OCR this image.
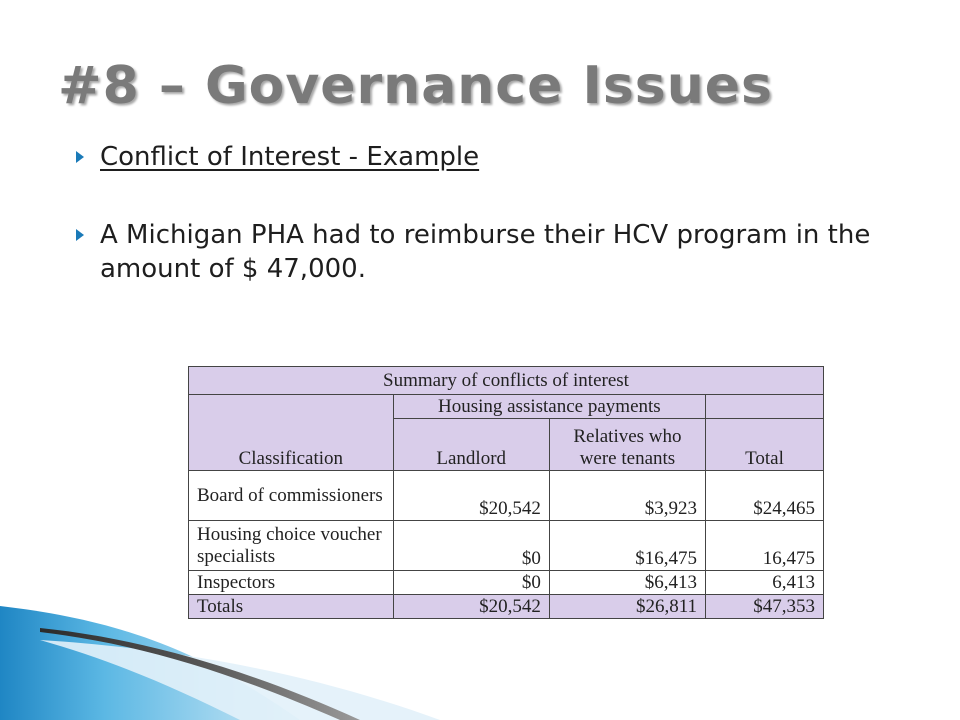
#8 – Governance Issues
Conflict of Interest - Example
A Michigan PHA had to reimburse their HCV program in the amount of $ 47,000.
Summary of conflicts of interest			
Classification	Housing assistance payments		
	Landlord	Relatives who were tenants	Total
Board of commissioners	$20,542	$3,923	$24,465
Housing choice voucher specialists	$0	$16,475	16,475
Inspectors	$0	$6,413	6,413
Totals	$20,542	$26,811	$47,353
